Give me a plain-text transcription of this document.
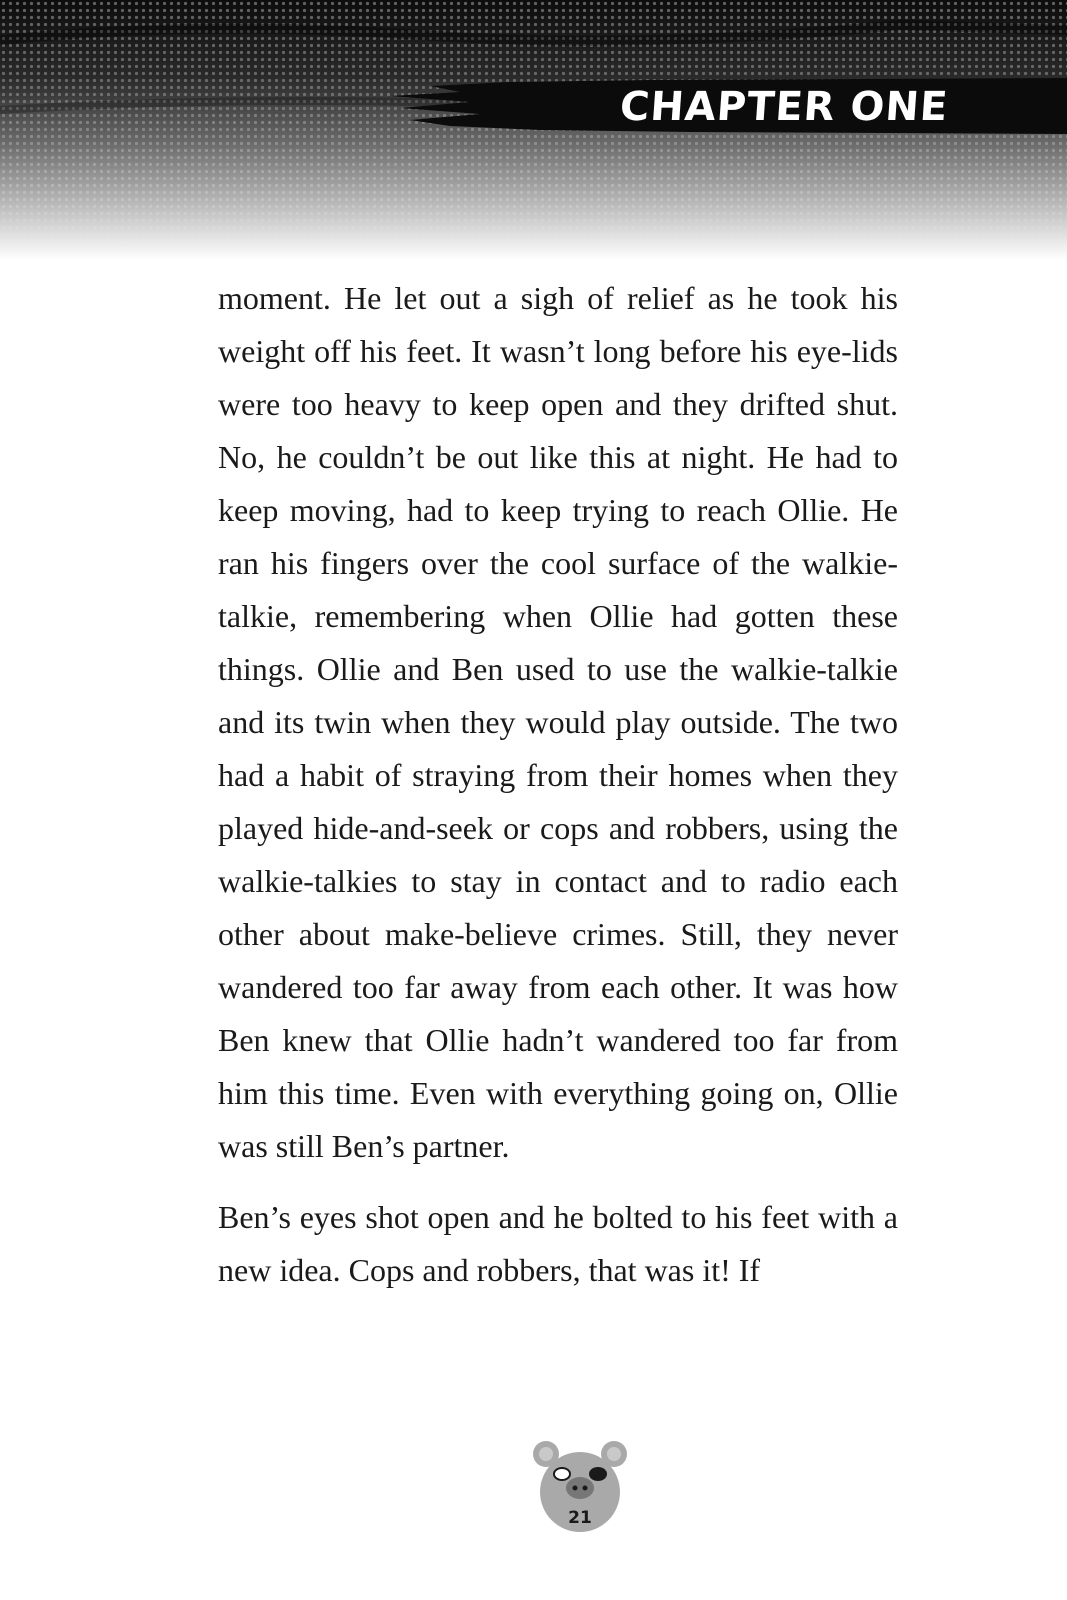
CHAPTER ONE

moment. He let out a sigh of relief as he took his weight off his feet. It wasn’t long before his eye-lids were too heavy to keep open and they drifted shut. No, he couldn’t be out like this at night. He had to keep moving, had to keep trying to reach Ollie. He ran his fingers over the cool surface of the walkie-talkie, remembering when Ollie had gotten these things. Ollie and Ben used to use the walkie-talkie and its twin when they would play outside. The two had a habit of straying from their homes when they played hide-and-seek or cops and robbers, using the walkie-talkies to stay in contact and to radio each other about make-believe crimes. Still, they never wandered too far away from each other. It was how Ben knew that Ollie hadn’t wandered too far from him this time. Even with everything going on, Ollie was still Ben’s partner.

Ben’s eyes shot open and he bolted to his feet with a new idea. Cops and robbers, that was it! If

21
